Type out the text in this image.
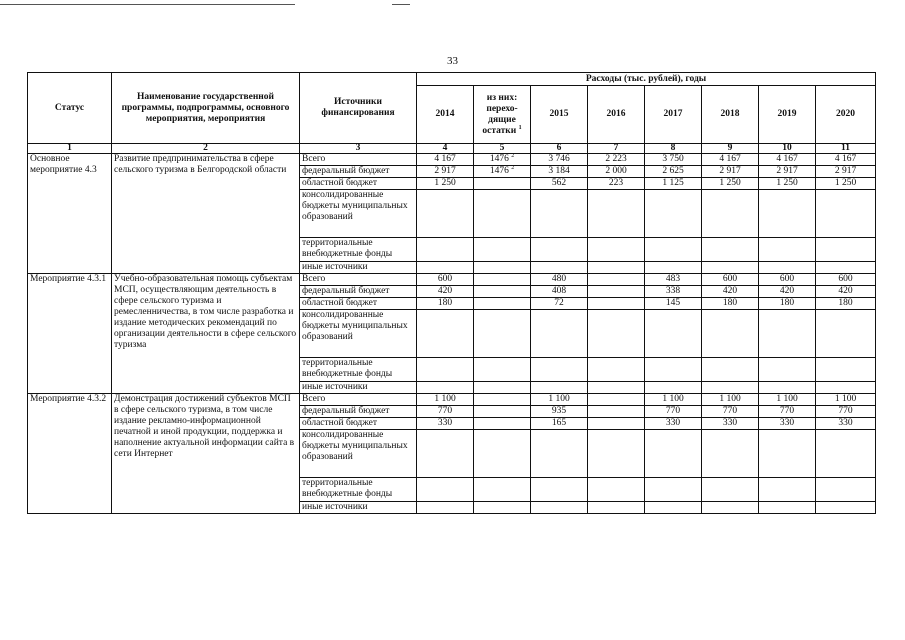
33
Статус	Наименование государственной программы, подпрограммы, основного мероприятия, мероприятия	Источники финансирования	Расходы (тыс. рублей), годы							
			2014	из них: перехо-дящие остатки $^1$	2015	2016	2017	2018	2019	2020
1	2	3	4	5	6	7	8	9	10	11
Основное мероприятие 4.3	Развитие предпринимательства в сфере сельского туризма в Белгородской области	Всего	4 167	1476 $^2$	3 746	2 223	3 750	4 167	4 167	4 167
		федеральный бюджет	2 917	1476 $^2$	3 184	2 000	2 625	2 917	2 917	2 917
		областной бюджет	1 250		562	223	1 125	1 250	1 250	1 250
		консолидированные бюджеты муниципальных образований								
		территориальные внебюджетные фонды								
		иные источники								
Мероприятие 4.3.1	Учебно-образовательная помощь субъектам МСП, осуществляющим деятельность в сфере сельского туризма и ремесленничества, в том числе разработка и издание методических рекомендаций по организации деятельности в сфере сельского туризма	Всего	600		480		483	600	600	600
		федеральный бюджет	420		408		338	420	420	420
		областной бюджет	180		72		145	180	180	180
		консолидированные бюджеты муниципальных образований								
		территориальные внебюджетные фонды								
		иные источники								
Мероприятие 4.3.2	Демонстрация достижений субъектов МСП в сфере сельского туризма, в том числе издание рекламно-информационной печатной и иной продукции, поддержка и наполнение актуальной информации сайта в сети Интернет	Всего	1 100		1 100		1 100	1 100	1 100	1 100
		федеральный бюджет	770		935		770	770	770	770
		областной бюджет	330		165		330	330	330	330
		консолидированные бюджеты муниципальных образований								
		территориальные внебюджетные фонды								
		иные источники								
